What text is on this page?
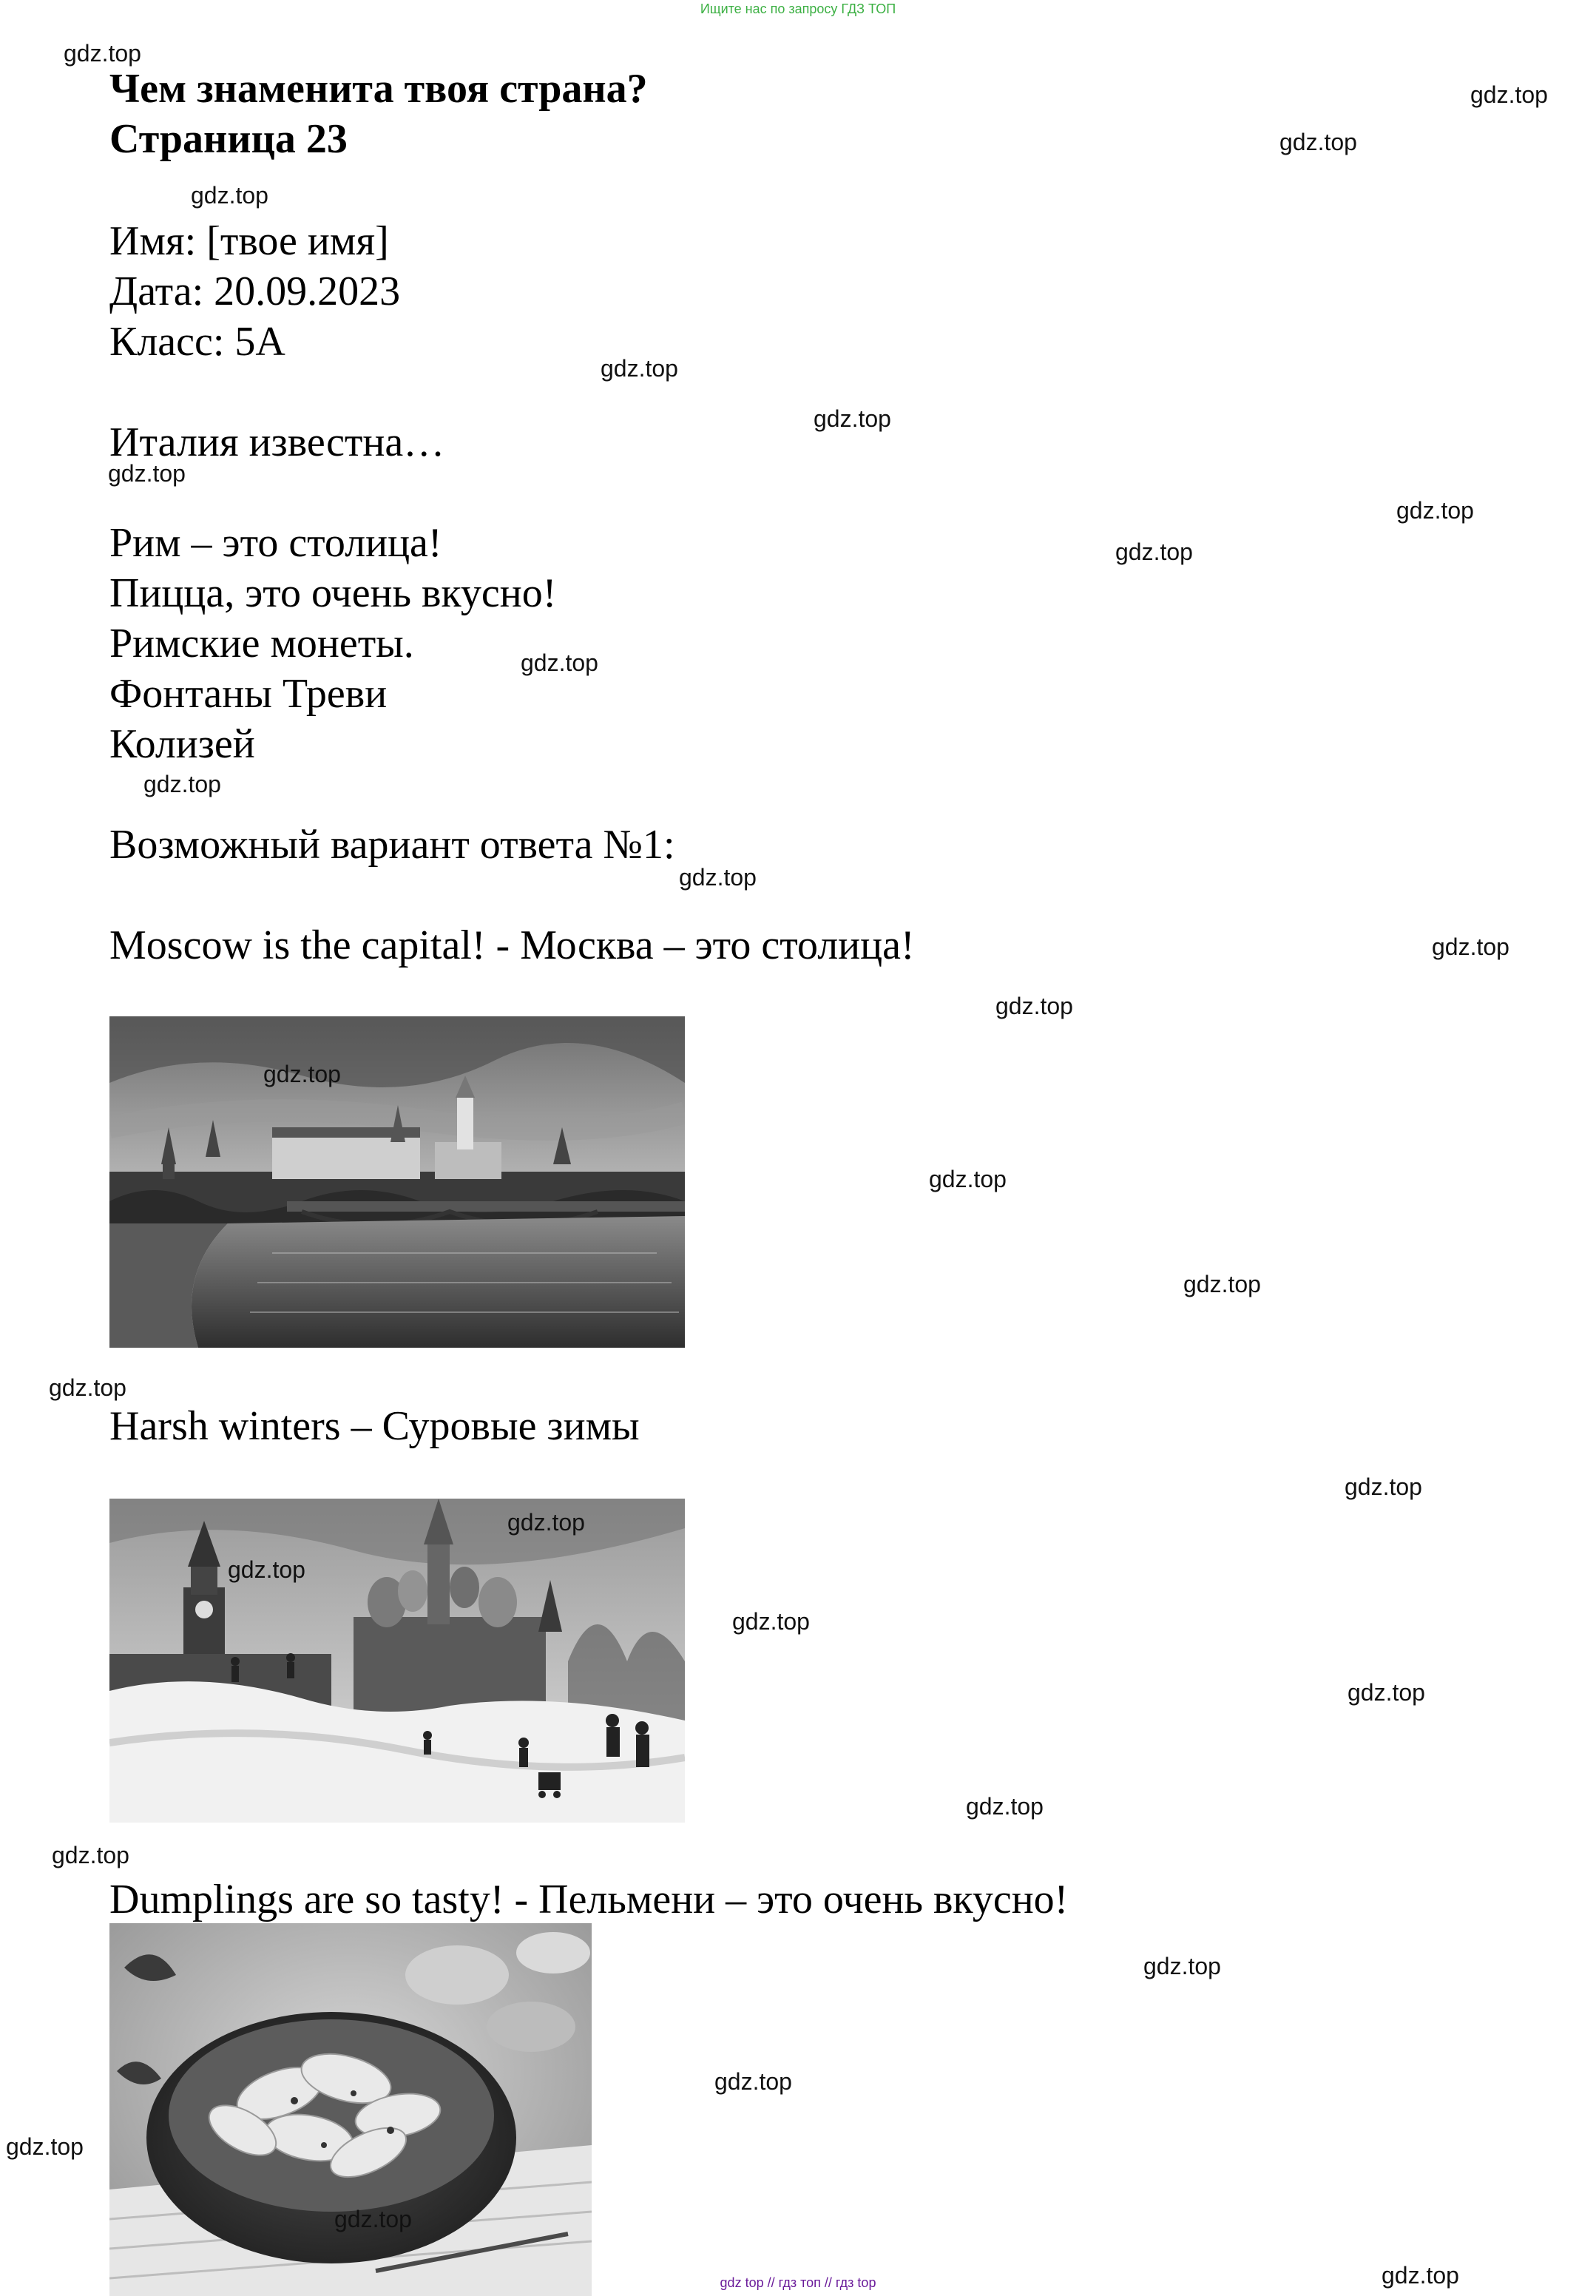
Ищите нас по запросу ГДЗ ТОП
Чем знаменита твоя страна?
Страница 23
Имя: [твое имя]
Дата: 20.09.2023
Класс: 5А
Италия известна…
Рим – это столица!
Пицца, это очень вкусно!
Римские монеты.
Фонтаны Треви
Колизей
Возможный вариант ответа №1:
Moscow is the capital! - Москва – это столица!
Harsh winters – Суровые зимы
Dumplings are so tasty! - Пельмени – это очень вкусно!
gdz.top
gdz.top
gdz.top
gdz.top
gdz.top
gdz.top
gdz.top
gdz.top
gdz.top
gdz.top
gdz.top
gdz.top
gdz.top
gdz.top
gdz.top
gdz.top
gdz.top
gdz.top
gdz.top
gdz.top
gdz.top
gdz.top
gdz.top
gdz.top
gdz.top
gdz.top
gdz.top
gdz.top
gdz.top
gdz.top
gdz top // гдз топ // гдз top
